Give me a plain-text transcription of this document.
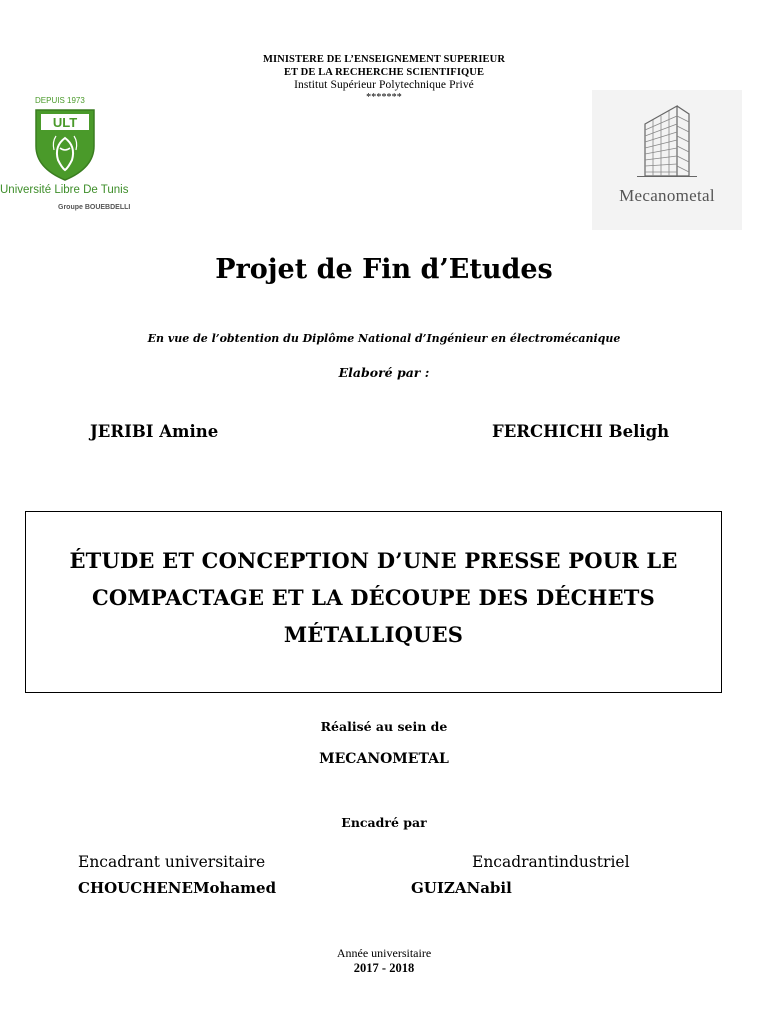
MINISTERE DE L’ENSEIGNEMENT SUPERIEUR
ET DE LA RECHERCHE SCIENTIFIQUE
Institut Supérieur Polytechnique Privé
*******
DEPUIS 1973
ULT
Université Libre De Tunis
Groupe BOUEBDELLI
Mecanometal
Projet de Fin d’Etudes
En vue de l’obtention du Diplôme National d’Ingénieur en électromécanique
Elaboré par :
JERIBI Amine	FERCHICHI Beligh
ÉTUDE ET CONCEPTION D’UNE PRESSE POUR LE
COMPACTAGE ET LA DÉCOUPE DES DÉCHETS
MÉTALLIQUES
Réalisé au sein de
MECANOMETAL
Encadré par
Encadrant universitaire	Encadrantindustriel
CHOUCHENEMohamed	GUIZANabil
Année universitaire
2017 - 2018
